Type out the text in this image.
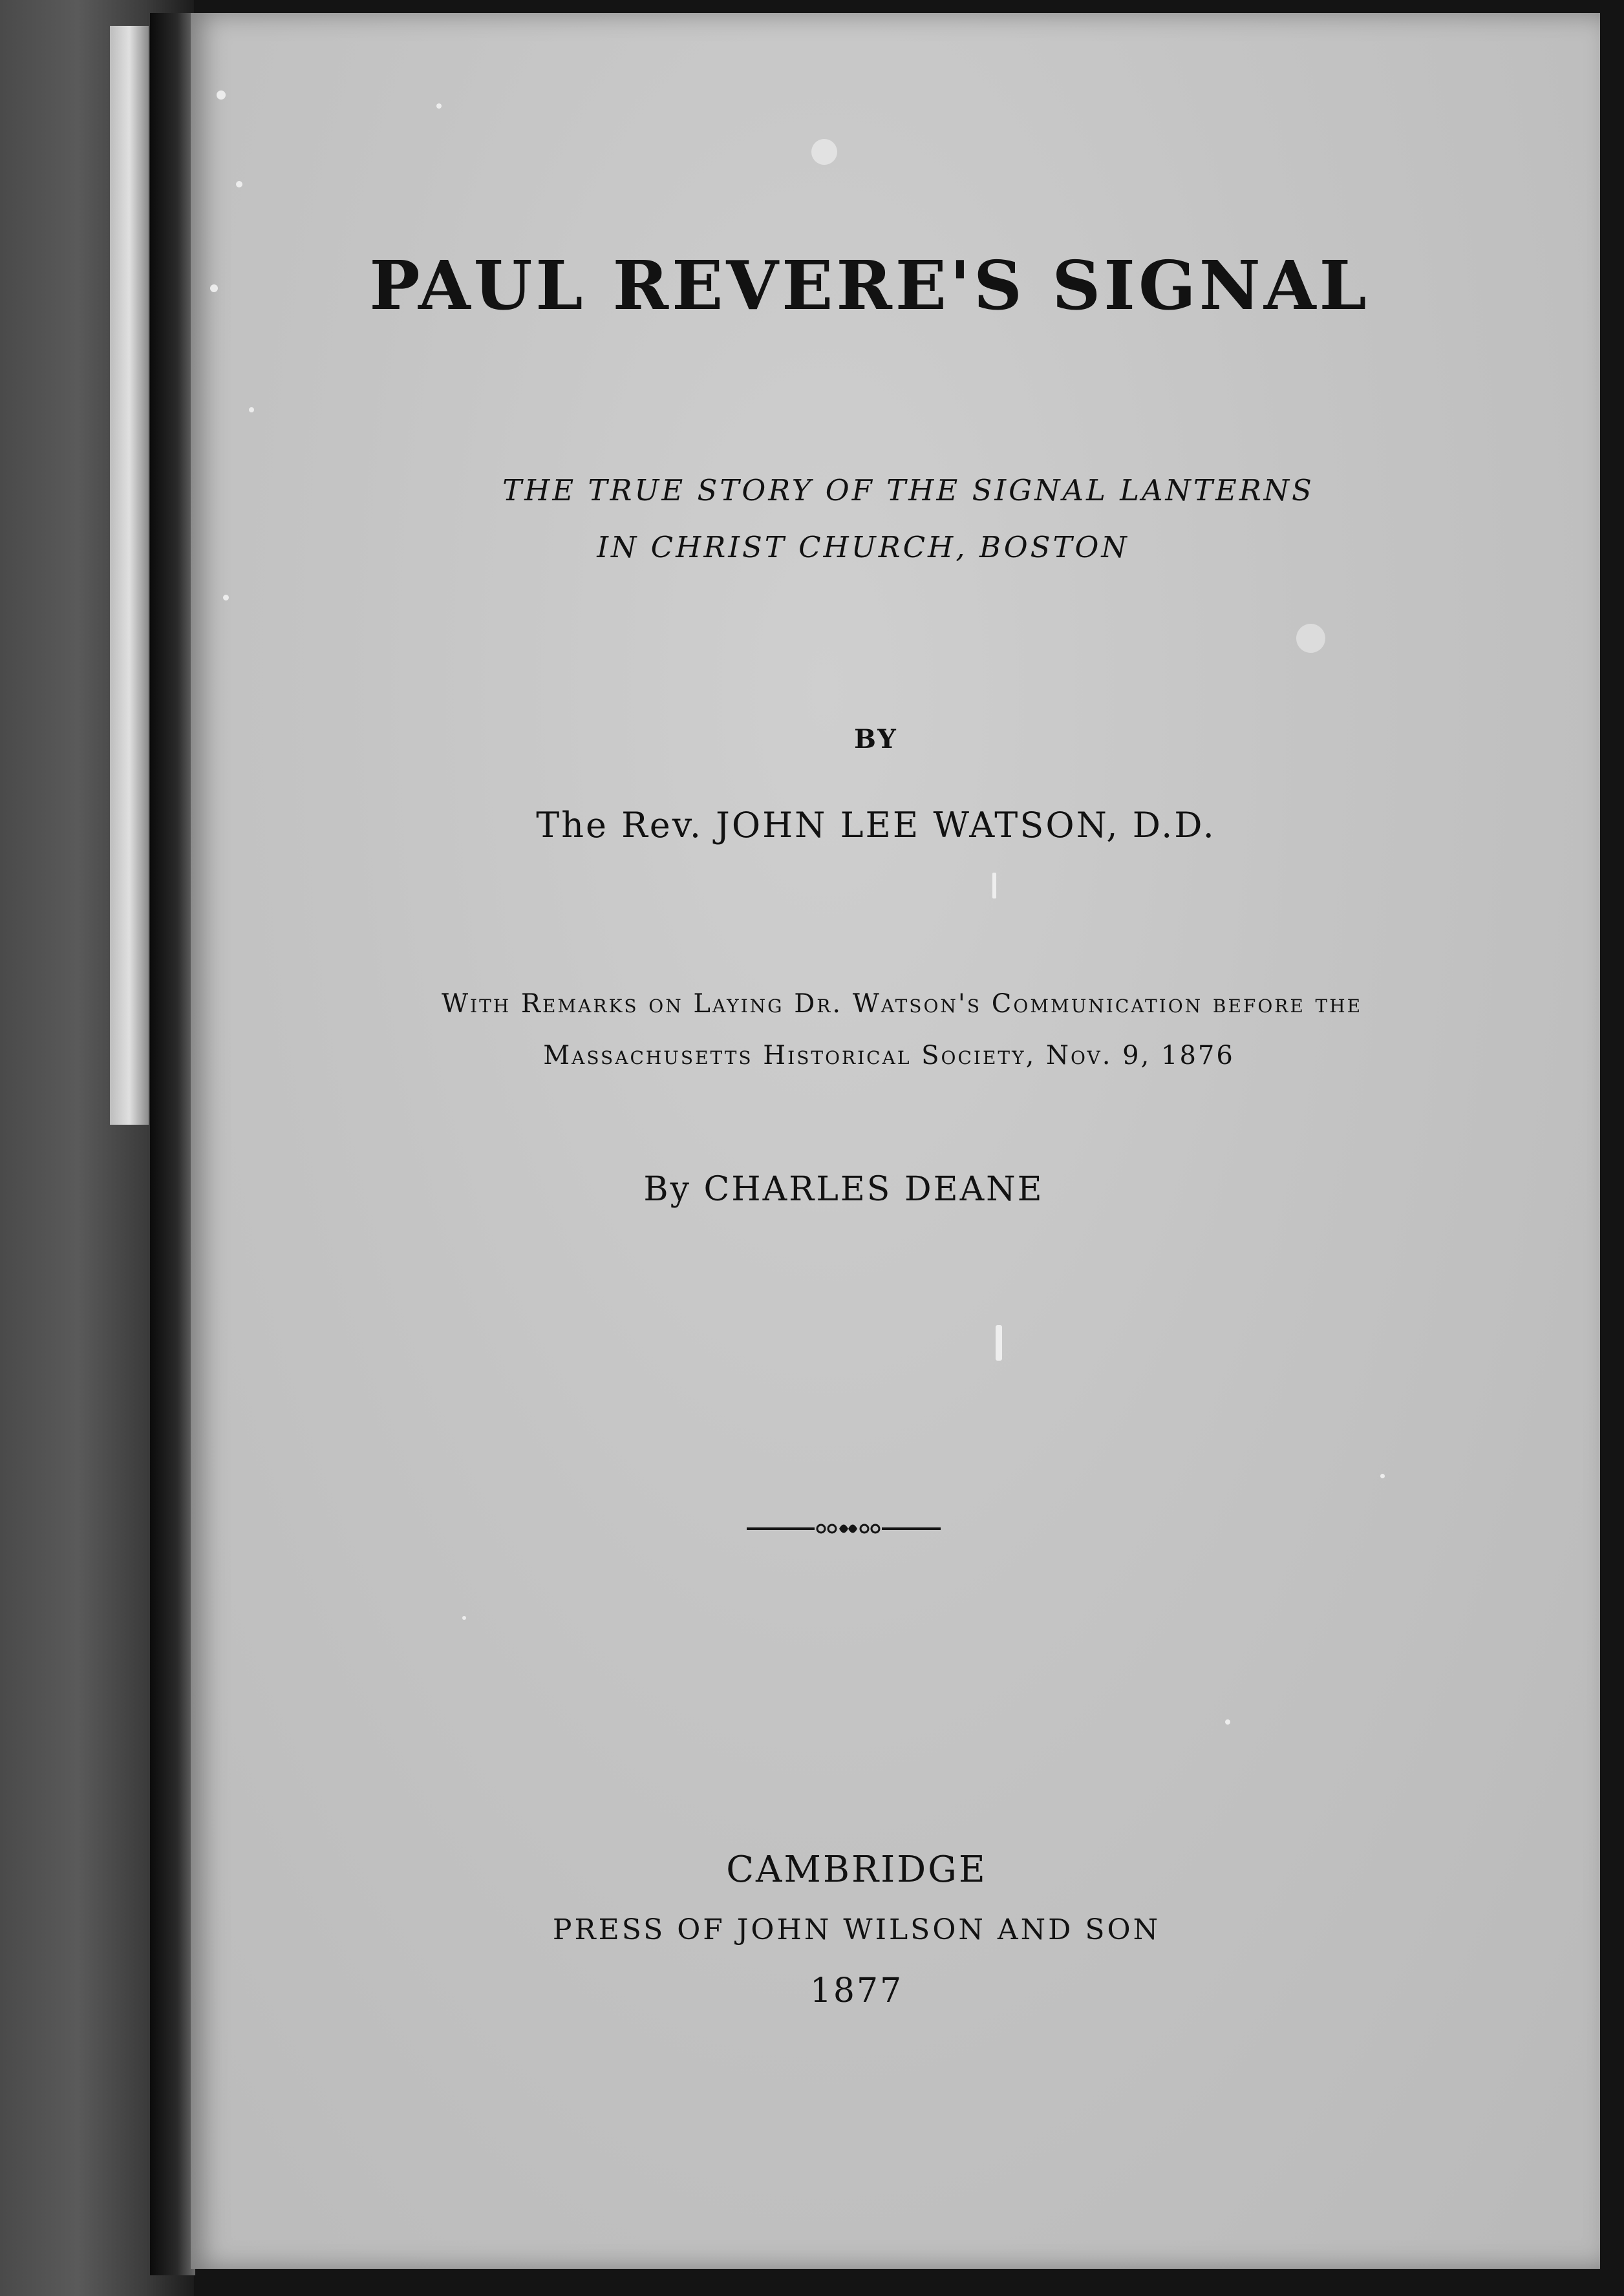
PAUL REVERE'S SIGNAL
THE TRUE STORY OF THE SIGNAL LANTERNS
IN CHRIST CHURCH, BOSTON
BY
The Rev. JOHN LEE WATSON, D.D.
With Remarks on Laying Dr. Watson's Communication before the
Massachusetts Historical Society, Nov. 9, 1876
By CHARLES DEANE
CAMBRIDGE
PRESS OF JOHN WILSON AND SON
1877
